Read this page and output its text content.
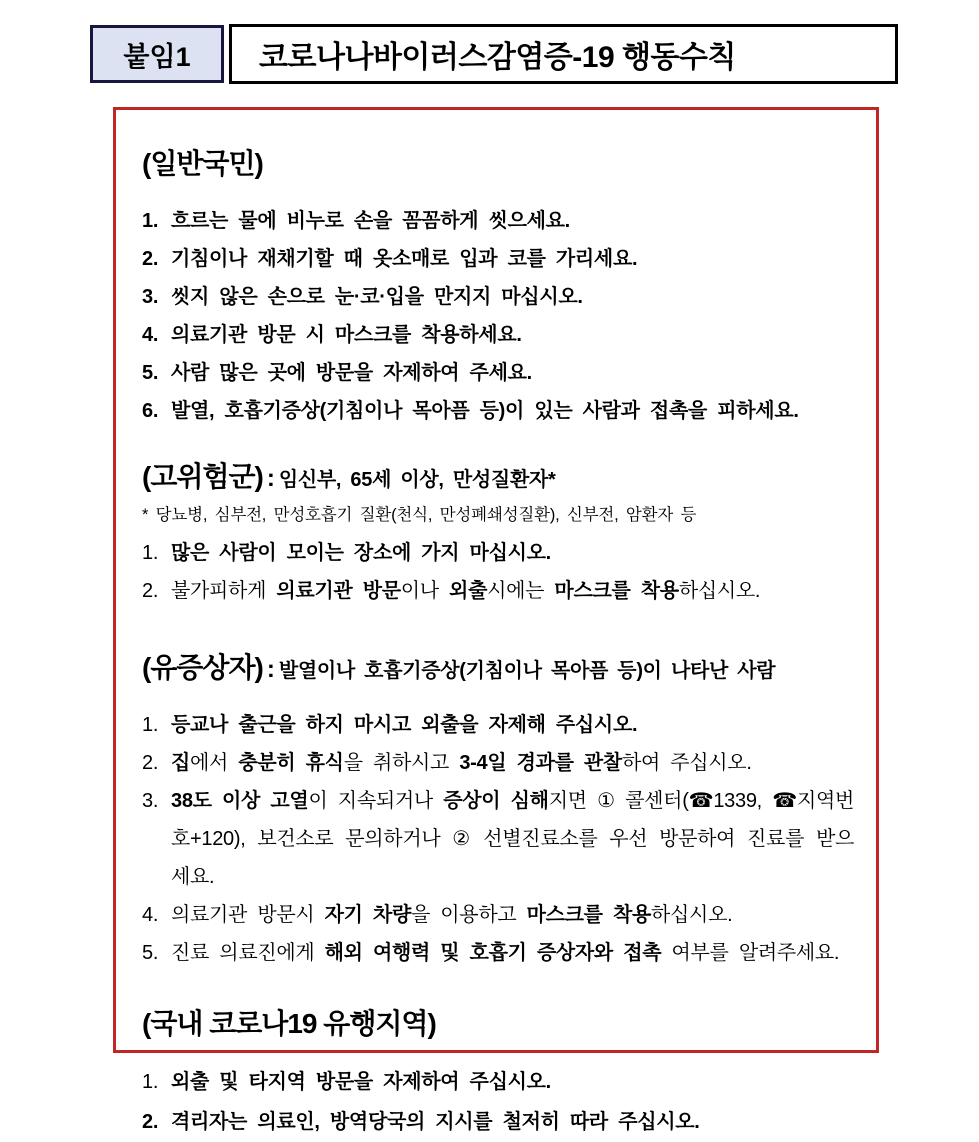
붙임1 코로나나바이러스감염증-19 행동수칙
(일반국민)
1. 흐르는 물에 비누로 손을 꼼꼼하게 씻으세요.
2. 기침이나 재채기할 때 옷소매로 입과 코를 가리세요.
3. 씻지 않은 손으로 눈·코·입을 만지지 마십시오.
4. 의료기관 방문 시 마스크를 착용하세요.
5. 사람 많은 곳에 방문을 자제하여 주세요.
6. 발열, 호흡기증상(기침이나 목아픔 등)이 있는 사람과 접촉을 피하세요.
(고위험군) : 임신부, 65세 이상, 만성질환자*
* 당뇨병, 심부전, 만성호흡기 질환(천식, 만성폐쇄성질환), 신부전, 암환자 등
1. 많은 사람이 모이는 장소에 가지 마십시오.
2. 불가피하게 의료기관 방문이나 외출시에는 마스크를 착용하십시오.
(유증상자) : 발열이나 호흡기증상(기침이나 목아픔 등)이 나타난 사람
1. 등교나 출근을 하지 마시고 외출을 자제해 주십시오.
2. 집에서 충분히 휴식을 취하시고 3-4일 경과를 관찰하여 주십시오.
3. 38도 이상 고열이 지속되거나 증상이 심해지면 ① 콜센터(☎1339, ☎지역번호+120), 보건소로 문의하거나 ② 선별진료소를 우선 방문하여 진료를 받으세요.
4. 의료기관 방문시 자기 차량을 이용하고 마스크를 착용하십시오.
5. 진료 의료진에게 해외 여행력 및 호흡기 증상자와 접촉 여부를 알려주세요.
(국내 코로나19 유행지역)
1. 외출 및 타지역 방문을 자제하여 주십시오.
2. 격리자는 의료인, 방역당국의 지시를 철저히 따라 주십시오.
